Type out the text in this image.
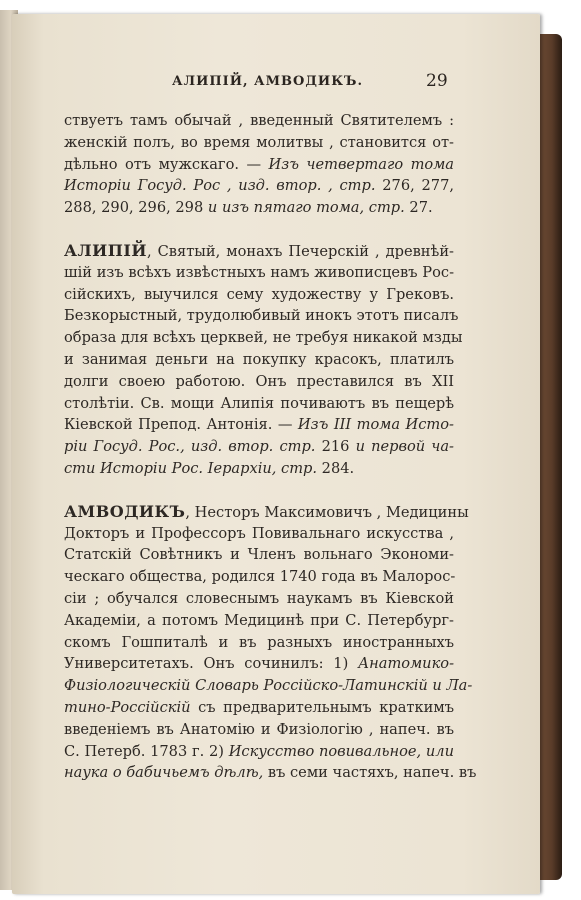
АЛИПІЙ, АМВОДИКЪ.	29
ствуетъ тамъ обычай , введенный Святителемъ :
женскій полъ, во время молитвы , становится от-
дѣльно отъ мужскаго. — Изъ четвертаго тома
Исторіи Госуд. Рос , изд. втор. , стр. 276, 277,
288, 290, 296, 298 и изъ пятаго тома, стр. 27.
АЛИПІЙ, Святый, монахъ Печерскій , древнѣй-
шій изъ всѣхъ извѣстныхъ намъ живописцевъ Рос-
сійскихъ, выучился сему художеству у Грековъ.
Безкорыстный, трудолюбивый инокъ этотъ писалъ
образа для всѣхъ церквей, не требуя никакой мзды
и занимая деньги на покупку красокъ, платилъ
долги своею работою. Онъ преставился въ XII
столѣтіи. Св. мощи Алипія почиваютъ въ пещерѣ
Кіевской Препод. Антонія. — Изъ III тома Исто-
ріи Госуд. Рос., изд. втор. стр. 216 и первой ча-
сти Исторіи Рос. Іерархіи, стр. 284.
АМВОДИКЪ, Несторъ Максимовичъ , Медицины
Докторъ и Профессоръ Повивальнаго искусства ,
Статскій Совѣтникъ и Членъ вольнаго Экономи-
ческаго общества, родился 1740 года въ Малорос-
сіи ; обучался словеснымъ наукамъ въ Кіевской
Академіи, а потомъ Медицинѣ при С. Петербург-
скомъ Гошпиталѣ и въ разныхъ иностранныхъ
Университетахъ. Онъ сочинилъ: 1) Анатомико-
Физіологическій Словарь Россійско-Латинскій и Ла-
тино-Россійскій съ предварительнымъ краткимъ
введеніемъ въ Анатомію и Физіологію , напеч. въ
С. Петерб. 1783 г. 2) Искусство повивальное, или
наука о бабичьемъ дѣлѣ, въ семи частяхъ, напеч. въ
